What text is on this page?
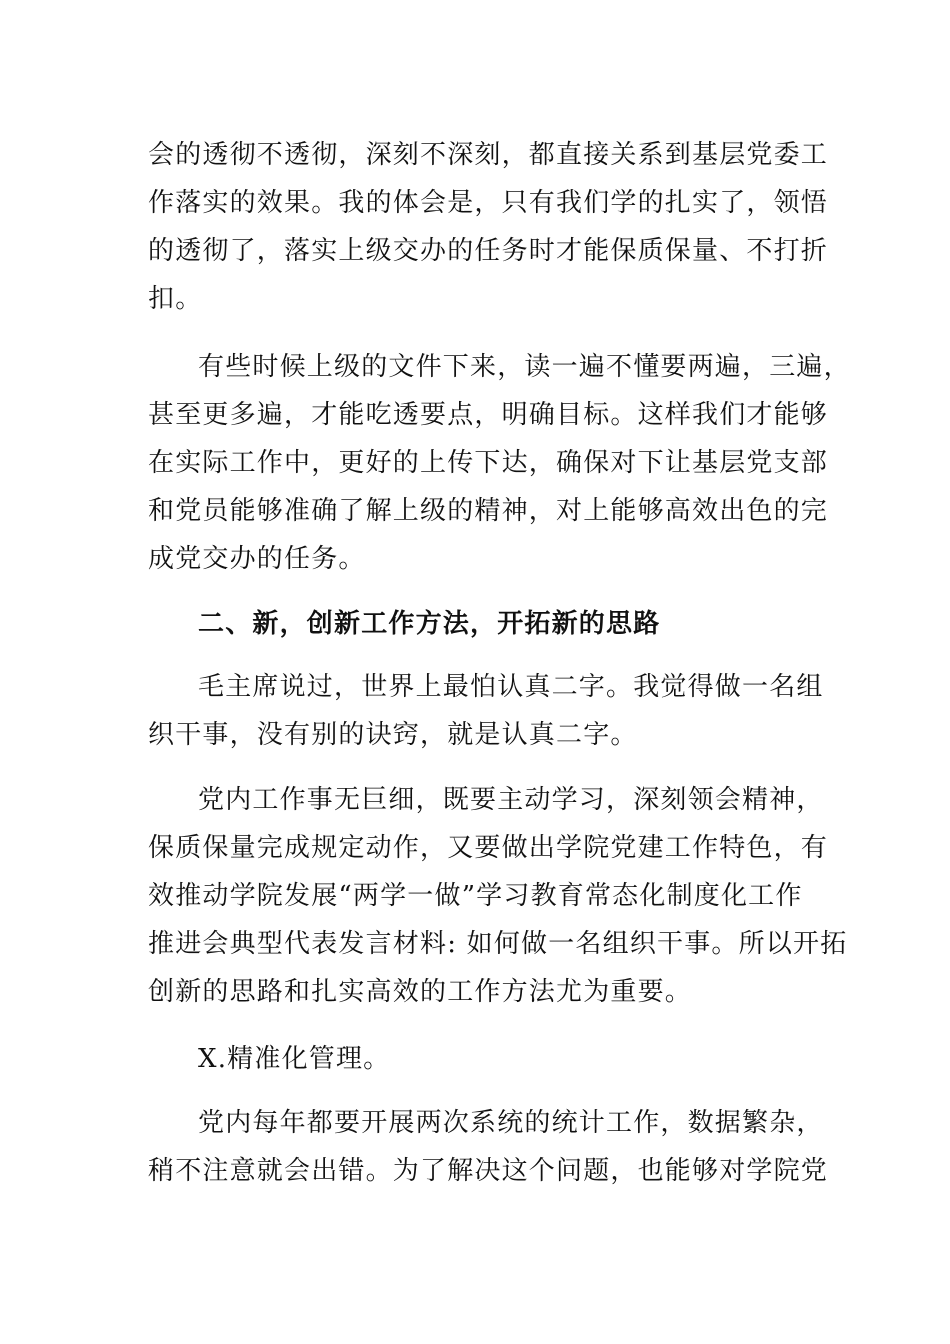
会的透彻不透彻，深刻不深刻，都直接关系到基层党委工
作落实的效果。我的体会是，只有我们学的扎实了，领悟
的透彻了，落实上级交办的任务时才能保质保量、不打折
扣。
有些时候上级的文件下来，读一遍不懂要两遍，三遍，
甚至更多遍，才能吃透要点，明确目标。这样我们才能够
在实际工作中，更好的上传下达，确保对下让基层党支部
和党员能够准确了解上级的精神，对上能够高效出色的完
成党交办的任务。
二、新，创新工作方法，开拓新的思路
毛主席说过，世界上最怕认真二字。我觉得做一名组
织干事，没有别的诀窍，就是认真二字。
党内工作事无巨细，既要主动学习，深刻领会精神，
保质保量完成规定动作，又要做出学院党建工作特色，有
效推动学院发展“两学一做”学习教育常态化制度化工作
推进会典型代表发言材料: 如何做一名组织干事。所以开拓
创新的思路和扎实高效的工作方法尤为重要。
X.精准化管理。
党内每年都要开展两次系统的统计工作，数据繁杂，
稍不注意就会出错。为了解决这个问题，也能够对学院党
